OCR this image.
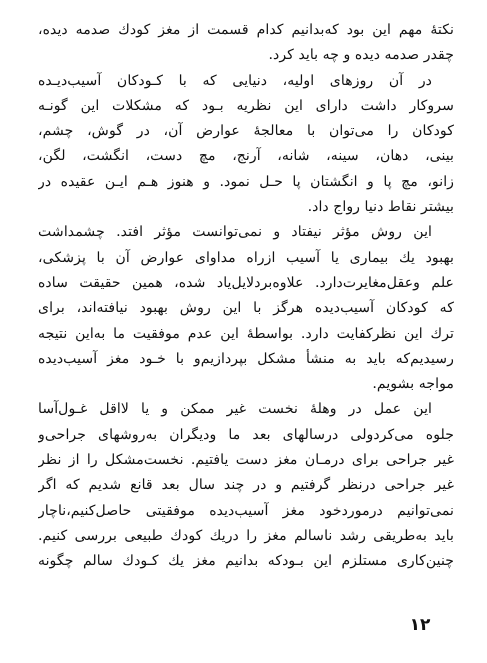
نکتهٔ مهم این بود که‌بدانیم کدام قسمت از مغز کودك صدمه دیده،
چقدر صدمه دیده و چه باید کرد.
در آن روزهای اولیه، دنیایی که با کـودکان آسیب‌دیـده
سروکار داشت دارای این نظریه بـود که مشکلات این گونـه
کودکان را می‌توان با معالجهٔ عوارض آن، در گوش، چشم،
بینی، دهان، سینه، شانه، آرنج، مچ دست، انگشت، لگن،
زانو، مچ پا و انگشتان پا حـل نمود. و هنوز هـم ایـن عقیده در
بیشتر نقاط دنیا رواج داد.
این روش مؤثر نیفتاد و نمی‌توانست مؤثر افتد. چشمداشت
بهبود یك بیماری یا آسیب ازراه مداوای عوارض آن با پزشکی،
علم وعقل‌مغایرت‌دارد. علاوه‌بردلایل‌یاد شده، همین حقیقت ساده
که کودکان آسیب‌دیده هرگز با این روش بهبود نیافته‌اند، برای
ترك این نظرکفایت دارد. بواسطهٔ این عدم موفقیت ما به‌این نتیجه
رسیدیم‌که باید به منشأ مشکل بپردازیم‌و با خـود مغز آسیب‌دیده
مواجه بشویم.
این عمل در وهلهٔ نخست غیر ممکن و یا لااقل غـول‌آسا
جلوه می‌کردولی درسالهای بعد ما ودیگران به‌روشهای جراحی‌و
غیر جراحی برای درمـان مغز دست یافتیم. نخست‌مشکل را از نظر
غیر جراحی درنظر گرفتیم و در چند سال بعد قانع شدیم که اگر
نمی‌توانیم درموردخود مغز آسیب‌دیده موفقیتی حاصل‌کنیم،ناچار
باید به‌طریقی رشد ناسالم مغز را دریك کودك طبیعی بررسی کنیم.
چنین‌کاری مستلزم این بـودکه بدانیم مغز یك کـودك سالم چگونه
۱۲
